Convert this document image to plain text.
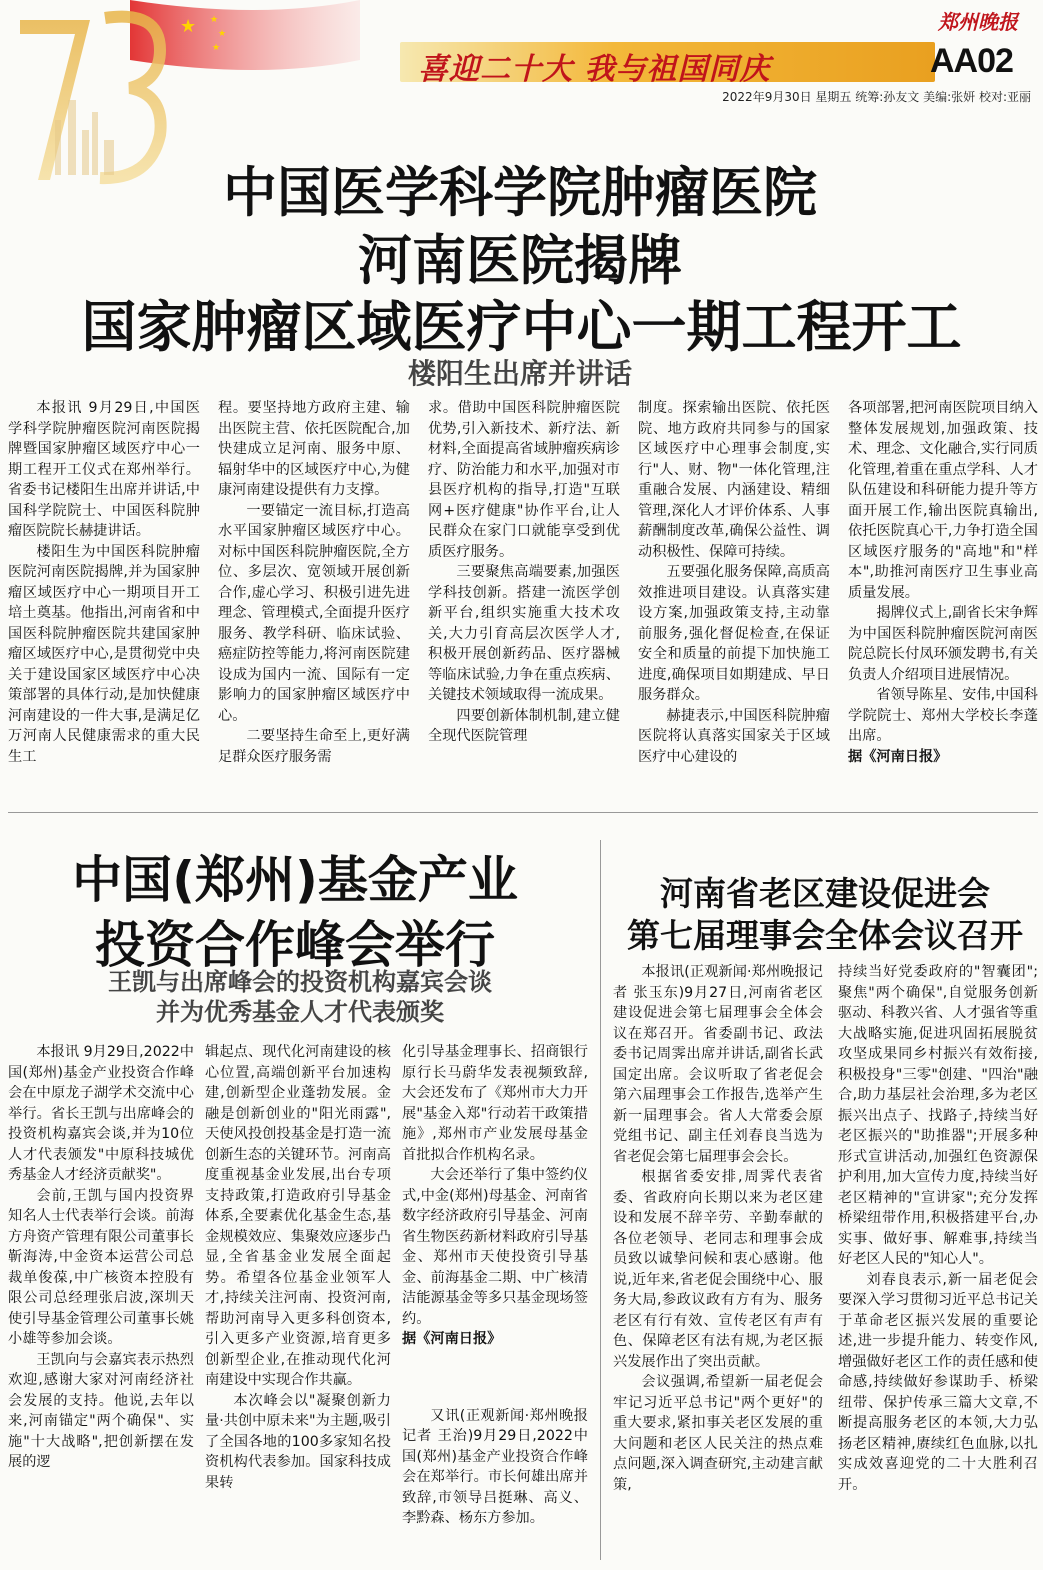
★ ★
★
★
喜迎二十大 我与祖国同庆
郑州晚报
AA02
2022年9月30日 星期五 统筹:孙友文 美编:张妍 校对:亚丽
中国医学科学院肿瘤医院
河南医院揭牌
国家肿瘤区域医疗中心一期工程开工
楼阳生出席并讲话

本报讯 9月29日,中国医学科学院肿瘤医院河南医院揭牌暨国家肿瘤区域医疗中心一期工程开工仪式在郑州举行。省委书记楼阳生出席并讲话,中国科学院院士、中国医科院肿瘤医院院长赫捷讲话。

楼阳生为中国医科院肿瘤医院河南医院揭牌,并为国家肿瘤区域医疗中心一期项目开工培土奠基。他指出,河南省和中国医科院肿瘤医院共建国家肿瘤区域医疗中心,是贯彻党中央关于建设国家区域医疗中心决策部署的具体行动,是加快健康河南建设的一件大事,是满足亿万河南人民健康需求的重大民生工

程。要坚持地方政府主建、输出医院主营、依托医院配合,加快建成立足河南、服务中原、辐射华中的区域医疗中心,为健康河南建设提供有力支撑。

一要锚定一流目标,打造高水平国家肿瘤区域医疗中心。对标中国医科院肿瘤医院,全方位、多层次、宽领域开展创新合作,虚心学习、积极引进先进理念、管理模式,全面提升医疗服务、教学科研、临床试验、癌症防控等能力,将河南医院建设成为国内一流、国际有一定影响力的国家肿瘤区域医疗中心。

二要坚持生命至上,更好满足群众医疗服务需

求。借助中国医科院肿瘤医院优势,引入新技术、新疗法、新材料,全面提高省域肿瘤疾病诊疗、防治能力和水平,加强对市县医疗机构的指导,打造"互联网+医疗健康"协作平台,让人民群众在家门口就能享受到优质医疗服务。

三要聚焦高端要素,加强医学科技创新。搭建一流医学创新平台,组织实施重大技术攻关,大力引育高层次医学人才,积极开展创新药品、医疗器械等临床试验,力争在重点疾病、关键技术领域取得一流成果。

四要创新体制机制,建立健全现代医院管理

制度。探索输出医院、依托医院、地方政府共同参与的国家区域医疗中心理事会制度,实行"人、财、物"一体化管理,注重融合发展、内涵建设、精细管理,深化人才评价体系、人事薪酬制度改革,确保公益性、调动积极性、保障可持续。

五要强化服务保障,高质高效推进项目建设。认真落实建设方案,加强政策支持,主动靠前服务,强化督促检查,在保证安全和质量的前提下加快施工进度,确保项目如期建成、早日服务群众。

赫捷表示,中国医科院肿瘤医院将认真落实国家关于区域医疗中心建设的

各项部署,把河南医院项目纳入整体发展规划,加强政策、技术、理念、文化融合,实行同质化管理,着重在重点学科、人才队伍建设和科研能力提升等方面开展工作,输出医院真输出,依托医院真心干,力争打造全国区域医疗服务的"高地"和"样本",助推河南医疗卫生事业高质量发展。

揭牌仪式上,副省长宋争辉为中国医科院肿瘤医院河南医院总院长付凤环颁发聘书,有关负责人介绍项目进展情况。

省领导陈星、安伟,中国科学院院士、郑州大学校长李蓬出席。

据《河南日报》

中国(郑州)基金产业
投资合作峰会举行
王凯与出席峰会的投资机构嘉宾会谈
并为优秀基金人才代表颁奖

本报讯 9月29日,2022中国(郑州)基金产业投资合作峰会在中原龙子湖学术交流中心举行。省长王凯与出席峰会的投资机构嘉宾会谈,并为10位人才代表颁发"中原科技城优秀基金人才经济贡献奖"。

会前,王凯与国内投资界知名人士代表举行会谈。前海方舟资产管理有限公司董事长靳海涛,中金资本运营公司总裁单俊葆,中广核资本控股有限公司总经理张启波,深圳天使引导基金管理公司董事长姚小雄等参加会谈。

王凯向与会嘉宾表示热烈欢迎,感谢大家对河南经济社会发展的支持。他说,去年以来,河南锚定"两个确保"、实施"十大战略",把创新摆在发展的逻

辑起点、现代化河南建设的核心位置,高端创新平台加速构建,创新型企业蓬勃发展。金融是创新创业的"阳光雨露",天使风投创投基金是打造一流创新生态的关键环节。河南高度重视基金业发展,出台专项支持政策,打造政府引导基金体系,全要素优化基金生态,基金规模效应、集聚效应逐步凸显,全省基金业发展全面起势。希望各位基金业领军人才,持续关注河南、投资河南,帮助河南导入更多科创资本,引入更多产业资源,培育更多创新型企业,在推动现代化河南建设中实现合作共赢。

本次峰会以"凝聚创新力量·共创中原未来"为主题,吸引了全国各地的100多家知名投资机构代表参加。国家科技成果转

化引导基金理事长、招商银行原行长马蔚华发表视频致辞,大会还发布了《郑州市大力开展"基金入郑"行动若干政策措施》,郑州市产业发展母基金首批拟合作机构名录。

大会还举行了集中签约仪式,中金(郑州)母基金、河南省数字经济政府引导基金、河南省生物医药新材料政府引导基金、郑州市天使投资引导基金、前海基金二期、中广核清洁能源基金等多只基金现场签约。

据《河南日报》

又讯(正观新闻·郑州晚报记者 王治)9月29日,2022中国(郑州)基金产业投资合作峰会在郑举行。市长何雄出席并致辞,市领导吕挺琳、高义、李黔森、杨东方参加。

河南省老区建设促进会
第七届理事会全体会议召开

本报讯(正观新闻·郑州晚报记者 张玉东)9月27日,河南省老区建设促进会第七届理事会全体会议在郑召开。省委副书记、政法委书记周霁出席并讲话,副省长武国定出席。会议听取了省老促会第六届理事会工作报告,选举产生新一届理事会。省人大常委会原党组书记、副主任刘春良当选为省老促会第七届理事会会长。

根据省委安排,周霁代表省委、省政府向长期以来为老区建设和发展不辞辛劳、辛勤奉献的各位老领导、老同志和理事会成员致以诚挚问候和衷心感谢。他说,近年来,省老促会围绕中心、服务大局,参政议政有方有为、服务老区有行有效、宣传老区有声有色、保障老区有法有规,为老区振兴发展作出了突出贡献。

会议强调,希望新一届老促会牢记习近平总书记"两个更好"的重大要求,紧扣事关老区发展的重大问题和老区人民关注的热点难点问题,深入调查研究,主动建言献策,

持续当好党委政府的"智囊团";聚焦"两个确保",自觉服务创新驱动、科教兴省、人才强省等重大战略实施,促进巩固拓展脱贫攻坚成果同乡村振兴有效衔接,积极投身"三零"创建、"四治"融合,助力基层社会治理,多为老区振兴出点子、找路子,持续当好老区振兴的"助推器";开展多种形式宣讲活动,加强红色资源保护利用,加大宣传力度,持续当好老区精神的"宣讲家";充分发挥桥梁纽带作用,积极搭建平台,办实事、做好事、解难事,持续当好老区人民的"知心人"。

刘春良表示,新一届老促会要深入学习贯彻习近平总书记关于革命老区振兴发展的重要论述,进一步提升能力、转变作风,增强做好老区工作的责任感和使命感,持续做好参谋助手、桥梁纽带、保护传承三篇大文章,不断提高服务老区的本领,大力弘扬老区精神,赓续红色血脉,以扎实成效喜迎党的二十大胜利召开。
